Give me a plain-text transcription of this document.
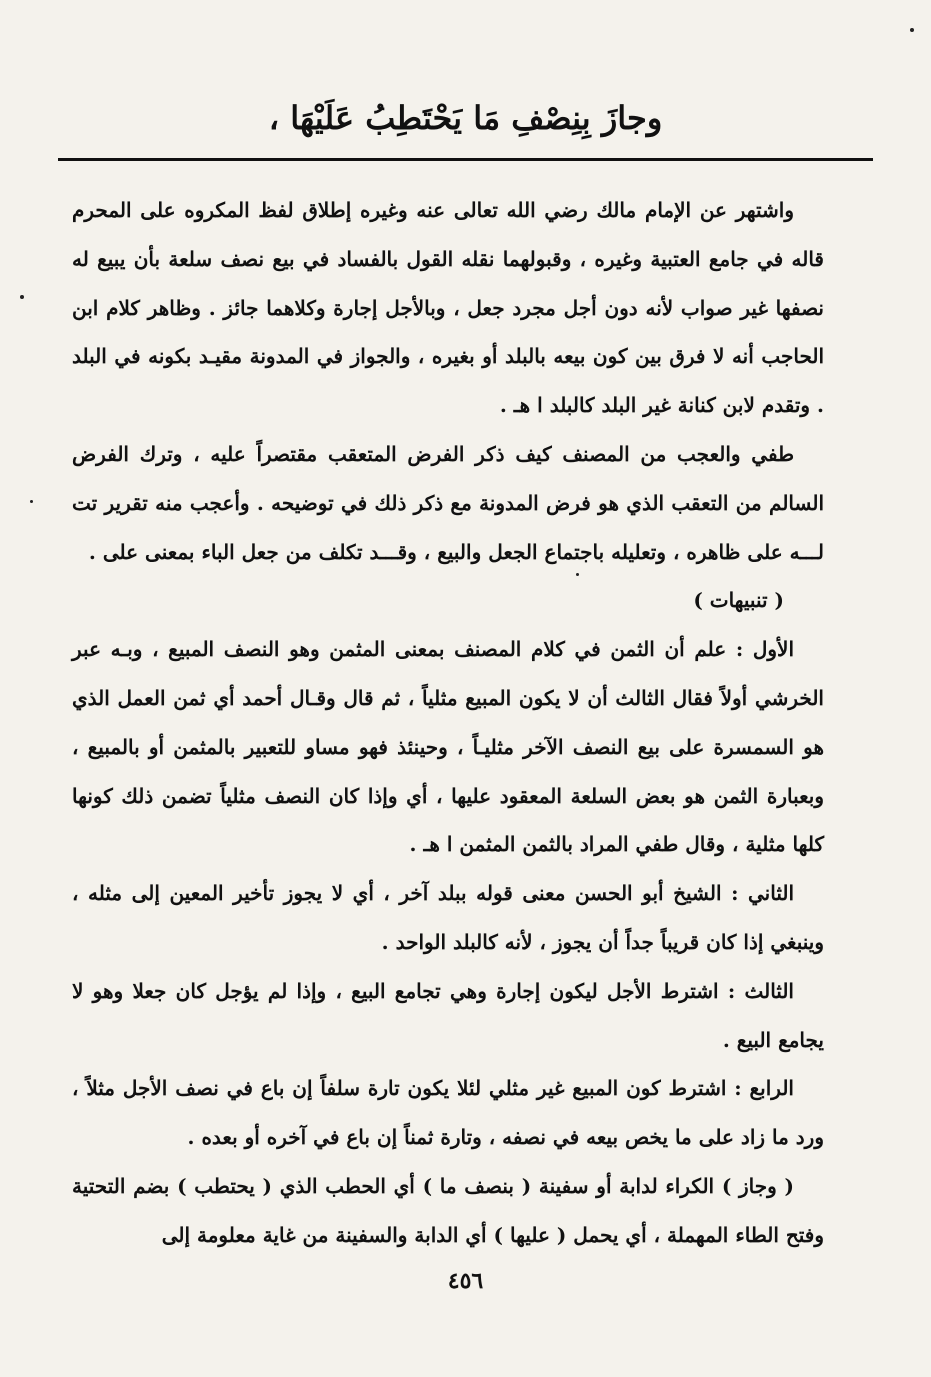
وجازَ بِنِصْفِ مَا يَحْتَطِبُ عَلَيْهَا ،

واشتهر عن الإمام مالك رضي الله تعالى عنه وغيره إطلاق لفظ المكروه على المحرم قاله في جامع العتبية وغيره ، وقبولهما نقله القول بالفساد في بيع نصف سلعة بأن يبيع له نصفها غير صواب لأنه دون أجل مجرد جعل ، وبالأجل إجارة وكلاهما جائز . وظاهر كلام ابن الحاجب أنه لا فرق بين كون بيعه بالبلد أو بغيره ، والجواز في المدونة مقيـد بكونه في البلد . وتقدم لابن كنانة غير البلد كالبلد ا هـ .

طفي والعجب من المصنف كيف ذكر الفرض المتعقب مقتصراً عليه ، وترك الفرض السالم من التعقب الذي هو فرض المدونة مع ذكر ذلك في توضيحه . وأعجب منه تقرير تت لـــه على ظاهره ، وتعليله باجتماع الجعل والبيع ، وقـــد تكلف من جعل الباء بمعنى على .

( تنبيهات )

الأول : علم أن الثمن في كلام المصنف بمعنى المثمن وهو النصف المبيع ، وبـه عبر الخرشي أولاً فقال الثالث أن لا يكون المبيع مثلياً ، ثم قال وقـال أحمد أي ثمن العمل الذي هو السمسرة على بيع النصف الآخر مثليـاً ، وحينئذ فهو مساو للتعبير بالمثمن أو بالمبيع ، وبعبارة الثمن هو بعض السلعة المعقود عليها ، أي وإذا كان النصف مثلياً تضمن ذلك كونها كلها مثلية ، وقال طفي المراد بالثمن المثمن ا هـ .

الثاني : الشيخ أبو الحسن معنى قوله ببلد آخر ، أي لا يجوز تأخير المعين إلى مثله ، وينبغي إذا كان قريباً جداً أن يجوز ، لأنه كالبلد الواحد .

الثالث : اشترط الأجل ليكون إجارة وهي تجامع البيع ، وإذا لم يؤجل كان جعلا وهو لا يجامع البيع .

الرابع : اشترط كون المبيع غير مثلي لئلا يكون تارة سلفاً إن باع في نصف الأجل مثلاً ، ورد ما زاد على ما يخص بيعه في نصفه ، وتارة ثمناً إن باع في آخره أو بعده .

( وجاز ) الكراء لدابة أو سفينة ( بنصف ما ) أي الحطب الذي ( يحتطب ) بضم التحتية وفتح الطاء المهملة ، أي يحمل ( عليها ) أي الدابة والسفينة من غاية معلومة إلى

٤٥٦
